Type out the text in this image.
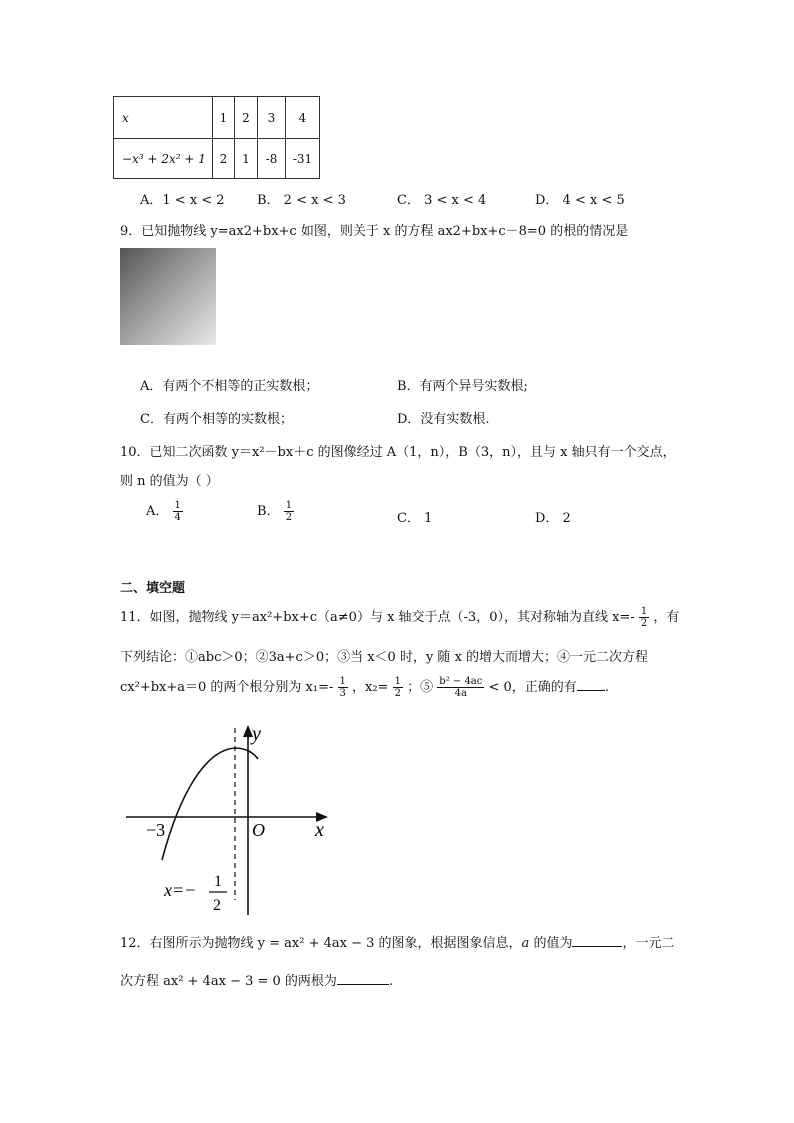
x	1	2	3	4
−x³ + 2x² + 1	2	1	-8	-31
A．1 < x < 2 B． 2 < x < 3	C． 3 < x < 4	D． 4 < x < 5
9．已知抛物线 y=ax2+bx+c 如图，则关于 x 的方程 ax2+bx+c－8=0 的根的情况是
A．有两个不相等的正实数根；	B．有两个异号实数根;
C．有两个相等的实数根；	D．没有实数根.
10．已知二次函数 y＝x²－bx＋c 的图像经过 A（1，n），B（3，n），且与 x 轴只有一个交点，
则 n 的值为（ ）
A． $\frac{1}{4}$	B． $\frac{1}{2}$	C． 1	D． 2
二、填空题
11．如图，抛物线 y＝ax²+bx+c（a≠0）与 x 轴交于点（-3，0），其对称轴为直线 $x=- \frac{1}{2}$ ，有
下列结论：①abc＞0；②3a+c＞0；③当 x＜0 时，y 随 x 的增大而增大；④一元二次方程
cx²+bx+a＝0 的两个根分别为 $x_1=- \frac{1}{3}$ ，$x_2= \frac{1}{2}$ ；⑤ $\frac{\text{b² − 4ac}}{4a} < 0$，正确的有 .
y
x
O
−3
x=− 1
2
12．右图所示为抛物线 y = ax² + 4ax − 3 的图象，根据图象信息，a 的值为	，一元二
次方程 ax² + 4ax − 3 = 0 的两根为	.
